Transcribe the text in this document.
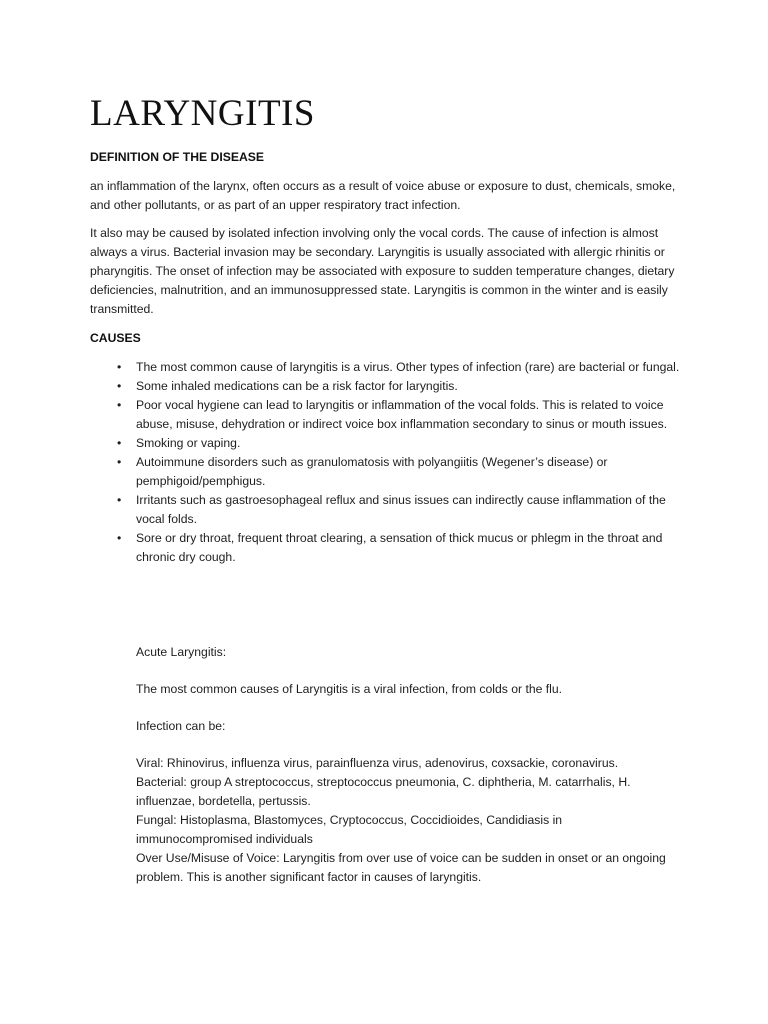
LARYNGITIS
DEFINITION OF THE DISEASE

an inflammation of the larynx, often occurs as a result of voice abuse or exposure to dust, chemicals, smoke, and other pollutants, or as part of an upper respiratory tract infection.

It also may be caused by isolated infection involving only the vocal cords. The cause of infection is almost always a virus. Bacterial invasion may be secondary. Laryngitis is usually associated with allergic rhinitis or pharyngitis. The onset of infection may be associated with exposure to sudden temperature changes, dietary deficiencies, malnutrition, and an immunosuppressed state. Laryngitis is common in the winter and is easily transmitted.

CAUSES
• The most common cause of laryngitis is a virus. Other types of infection (rare) are bacterial or fungal.
• Some inhaled medications can be a risk factor for laryngitis.
• Poor vocal hygiene can lead to laryngitis or inflammation of the vocal folds. This is related to voice abuse, misuse, dehydration or indirect voice box inflammation secondary to sinus or mouth issues.
• Smoking or vaping.
• Autoimmune disorders such as granulomatosis with polyangiitis (Wegener’s disease) or pemphigoid/pemphigus.
• Irritants such as gastroesophageal reflux and sinus issues can indirectly cause inflammation of the vocal folds.
• Sore or dry throat, frequent throat clearing, a sensation of thick mucus or phlegm in the throat and chronic dry cough.
Acute Laryngitis:
The most common causes of Laryngitis is a viral infection, from colds or the flu.
Infection can be:
Viral: Rhinovirus, influenza virus, parainfluenza virus, adenovirus, coxsackie, coronavirus.
Bacterial: group A streptococcus, streptococcus pneumonia, C. diphtheria, M. catarrhalis, H. influenzae, bordetella, pertussis.
Fungal: Histoplasma, Blastomyces, Cryptococcus, Coccidioides, Candidiasis in immunocompromised individuals
Over Use/Misuse of Voice: Laryngitis from over use of voice can be sudden in onset or an ongoing problem. This is another significant factor in causes of laryngitis.
